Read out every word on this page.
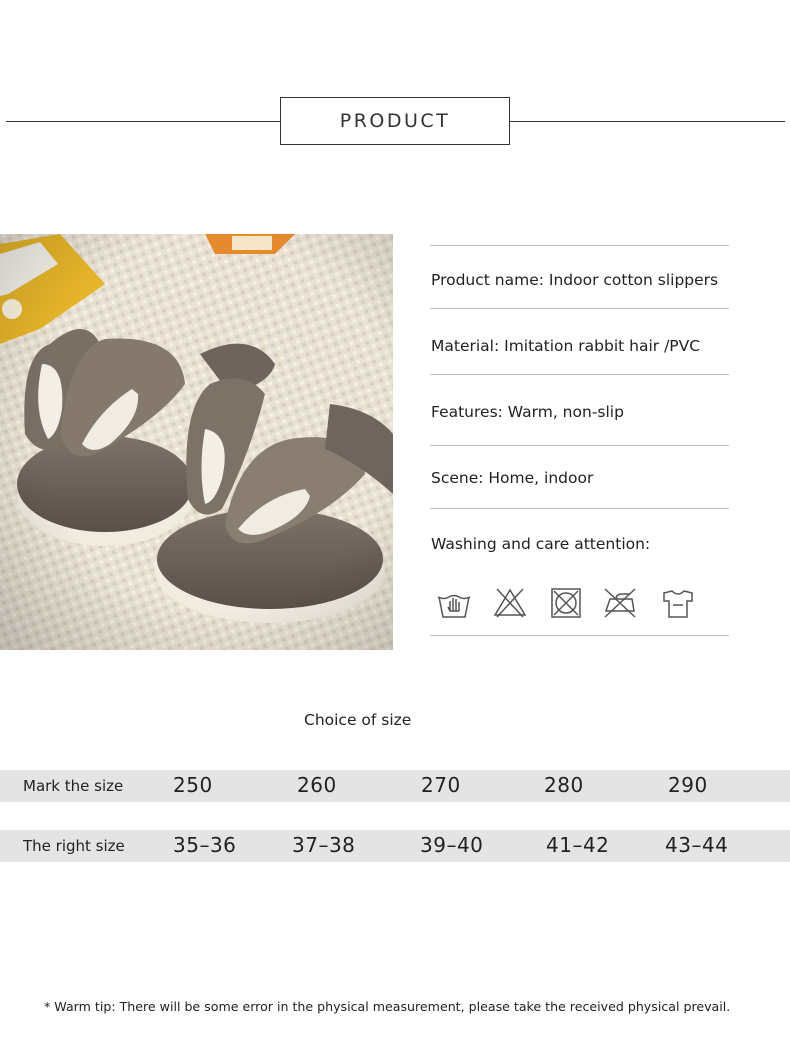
PRODUCT
Product name: Indoor cotton slippers
Material: Imitation rabbit hair /PVC
Features: Warm, non-slip
Scene: Home, indoor
Washing and care attention:
Choice of size
Mark the size 250	260	270	280	290
The right size 35–36	37–38	39–40	41–42	43–44
* Warm tip: There will be some error in the physical measurement, please take the received physical prevail.
